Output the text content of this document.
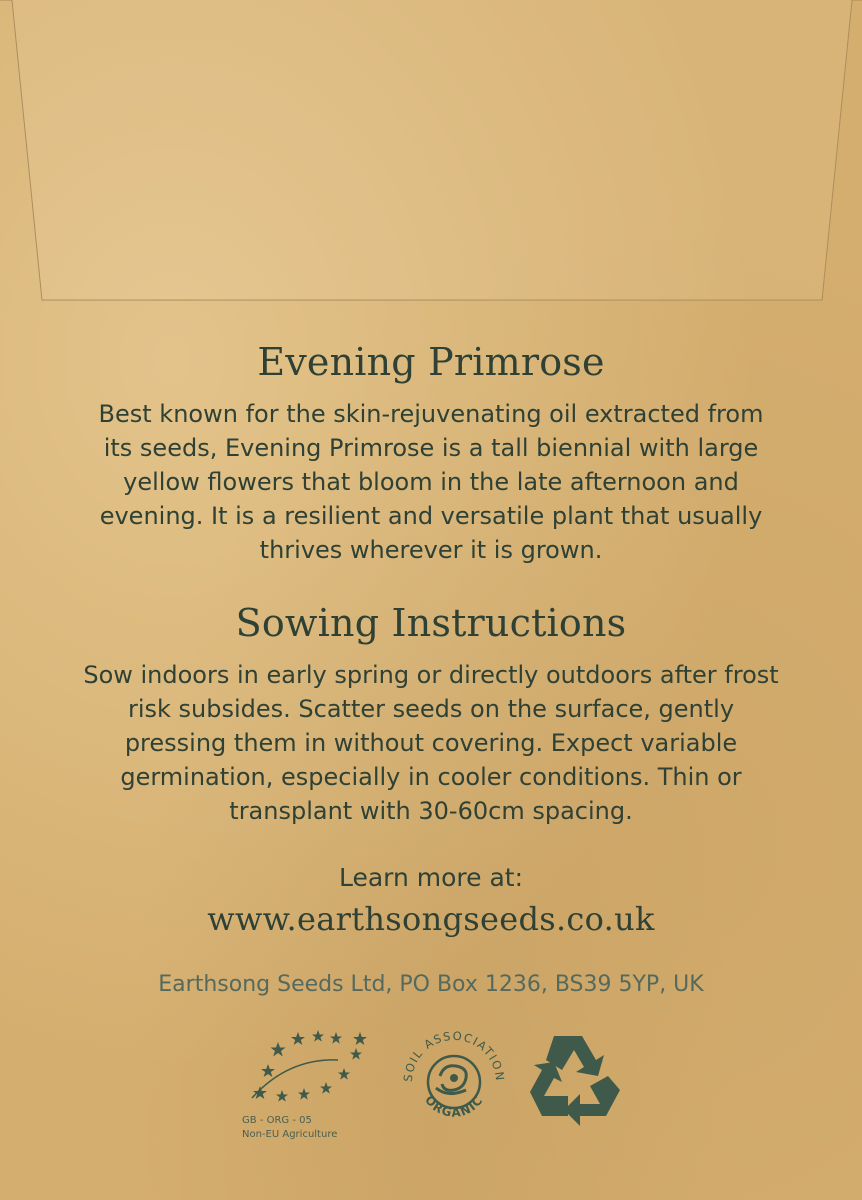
Evening Primrose

Best known for the skin-rejuvenating oil extracted from its seeds, Evening Primrose is a tall biennial with large yellow flowers that bloom in the late afternoon and evening. It is a resilient and versatile plant that usually thrives wherever it is grown.

Sowing Instructions

Sow indoors in early spring or directly outdoors after frost risk subsides. Scatter seeds on the surface, gently pressing them in without covering. Expect variable germination, especially in cooler conditions. Thin or transplant with 30-60cm spacing.

Learn more at:
www.earthsongseeds.co.uk
Earthsong Seeds Ltd, PO Box 1236, BS39 5YP, UK
GB - ORG - 05
Non-EU Agriculture
SOIL ASSOCIATION
ORGANIC
